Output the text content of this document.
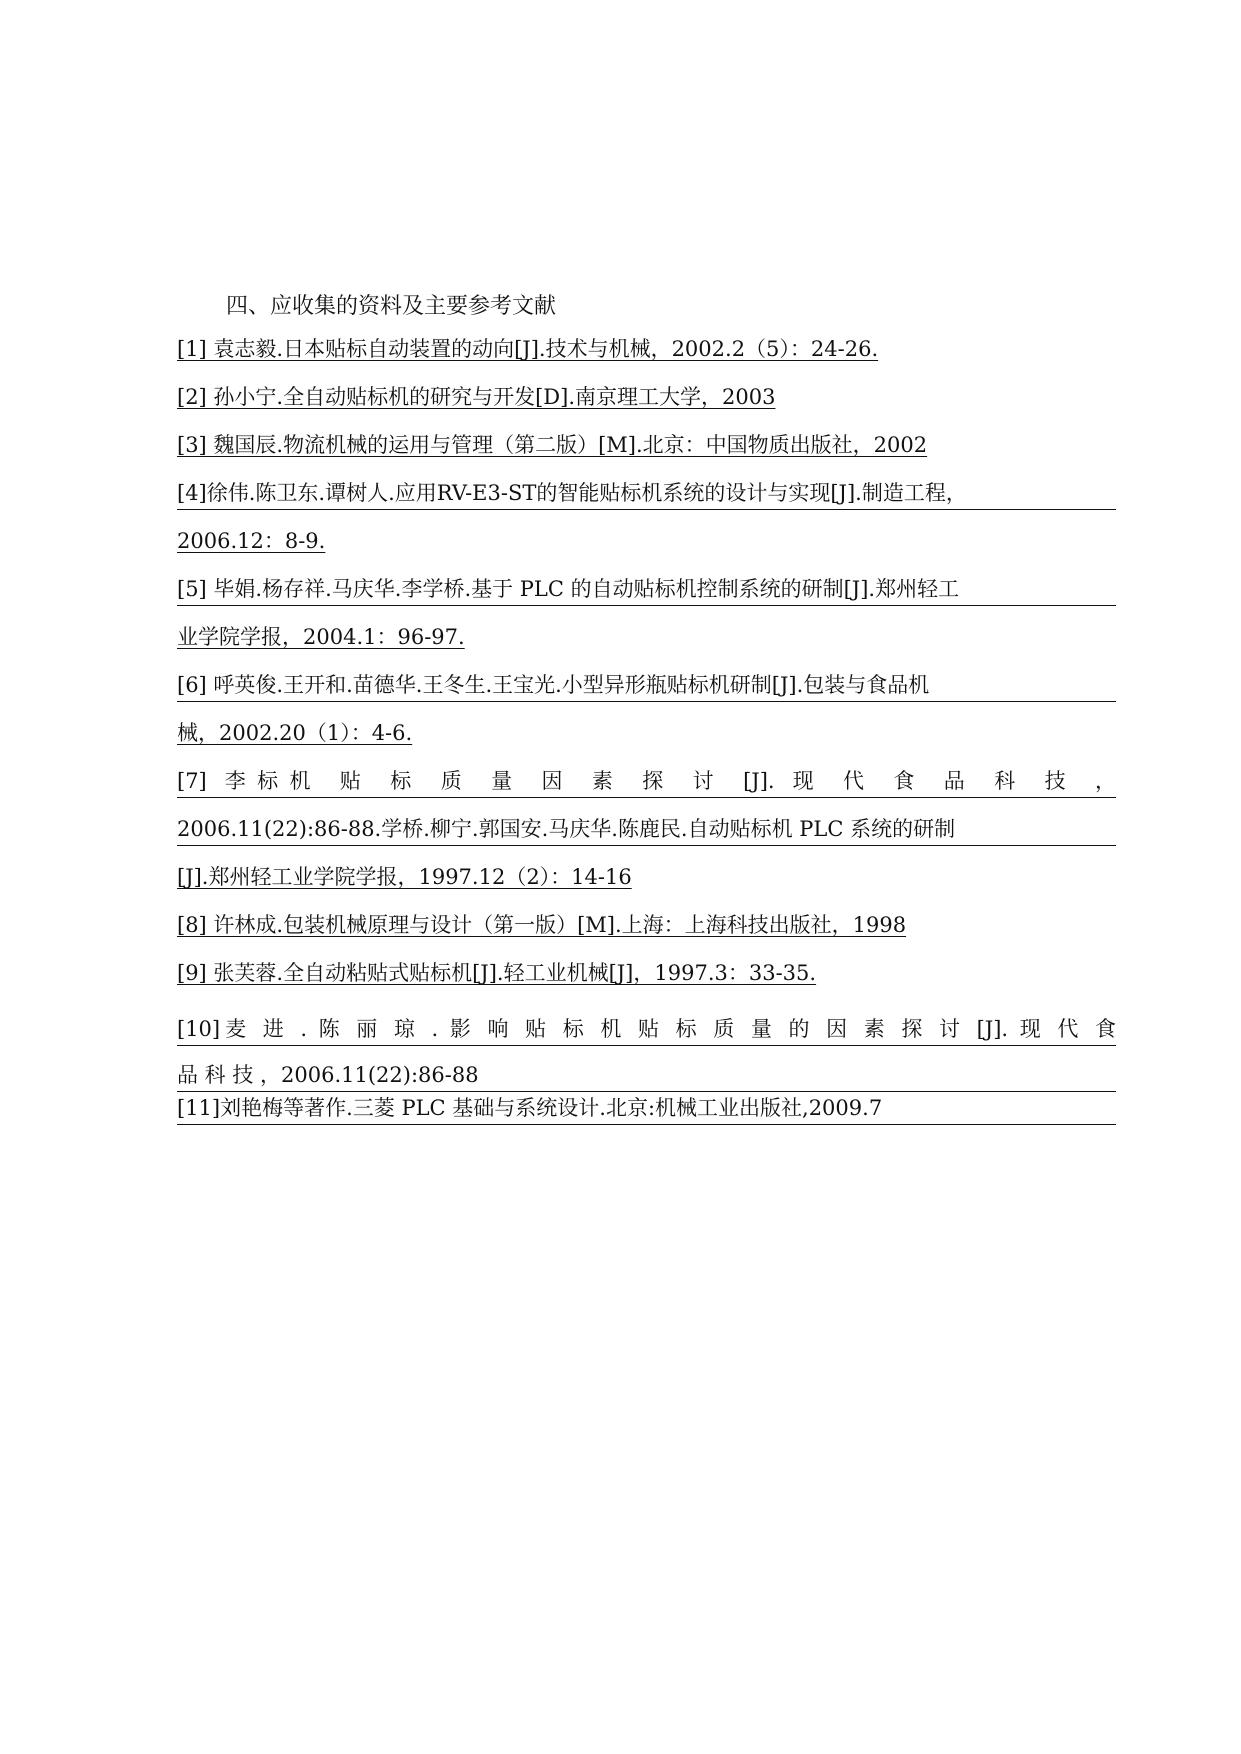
四、应收集的资料及主要参考文献
[1] 袁志毅.日本贴标自动装置的动向[J].技术与机械，2002.2（5）：24-26.
[2] 孙小宁.全自动贴标机的研究与开发[D].南京理工大学，2003
[3] 魏国辰.物流机械的运用与管理（第二版）[M].北京：中国物质出版社，2002
[4]徐伟.陈卫东.谭树人.应用RV-E3-ST的智能贴标机系统的设计与实现[J].制造工程，
2006.12：8-9.
[5] 毕娟.杨存祥.马庆华.李学桥.基于 PLC 的自动贴标机控制系统的研制[J].郑州轻工
业学院学报，2004.1：96-97.
[6] 呼英俊.王开和.苗德华.王冬生.王宝光.小型异形瓶贴标机研制[J].包装与食品机
械，2002.20（1）：4-6.
[7] 李标机 贴 标 质 量 因 素 探 讨 [J]. 现 代 食 品 科 技 ，
2006.11(22):86-88.学桥.柳宁.郭国安.马庆华.陈鹿民.自动贴标机 PLC 系统的研制
[J].郑州轻工业学院学报，1997.12（2）：14-16
[8] 许林成.包装机械原理与设计（第一版）[M].上海：上海科技出版社，1998
[9] 张芙蓉.全自动粘贴式贴标机[J].轻工业机械[J]，1997.3：33-35.
[10]麦 进 . 陈 丽 琼 . 影 响 贴 标 机 贴 标 质 量 的 因 素 探 讨 [J]. 现 代 食
品 科 技 ，2006.11(22):86-88
[11]刘艳梅等著作.三菱 PLC 基础与系统设计.北京:机械工业出版社,2009.7
